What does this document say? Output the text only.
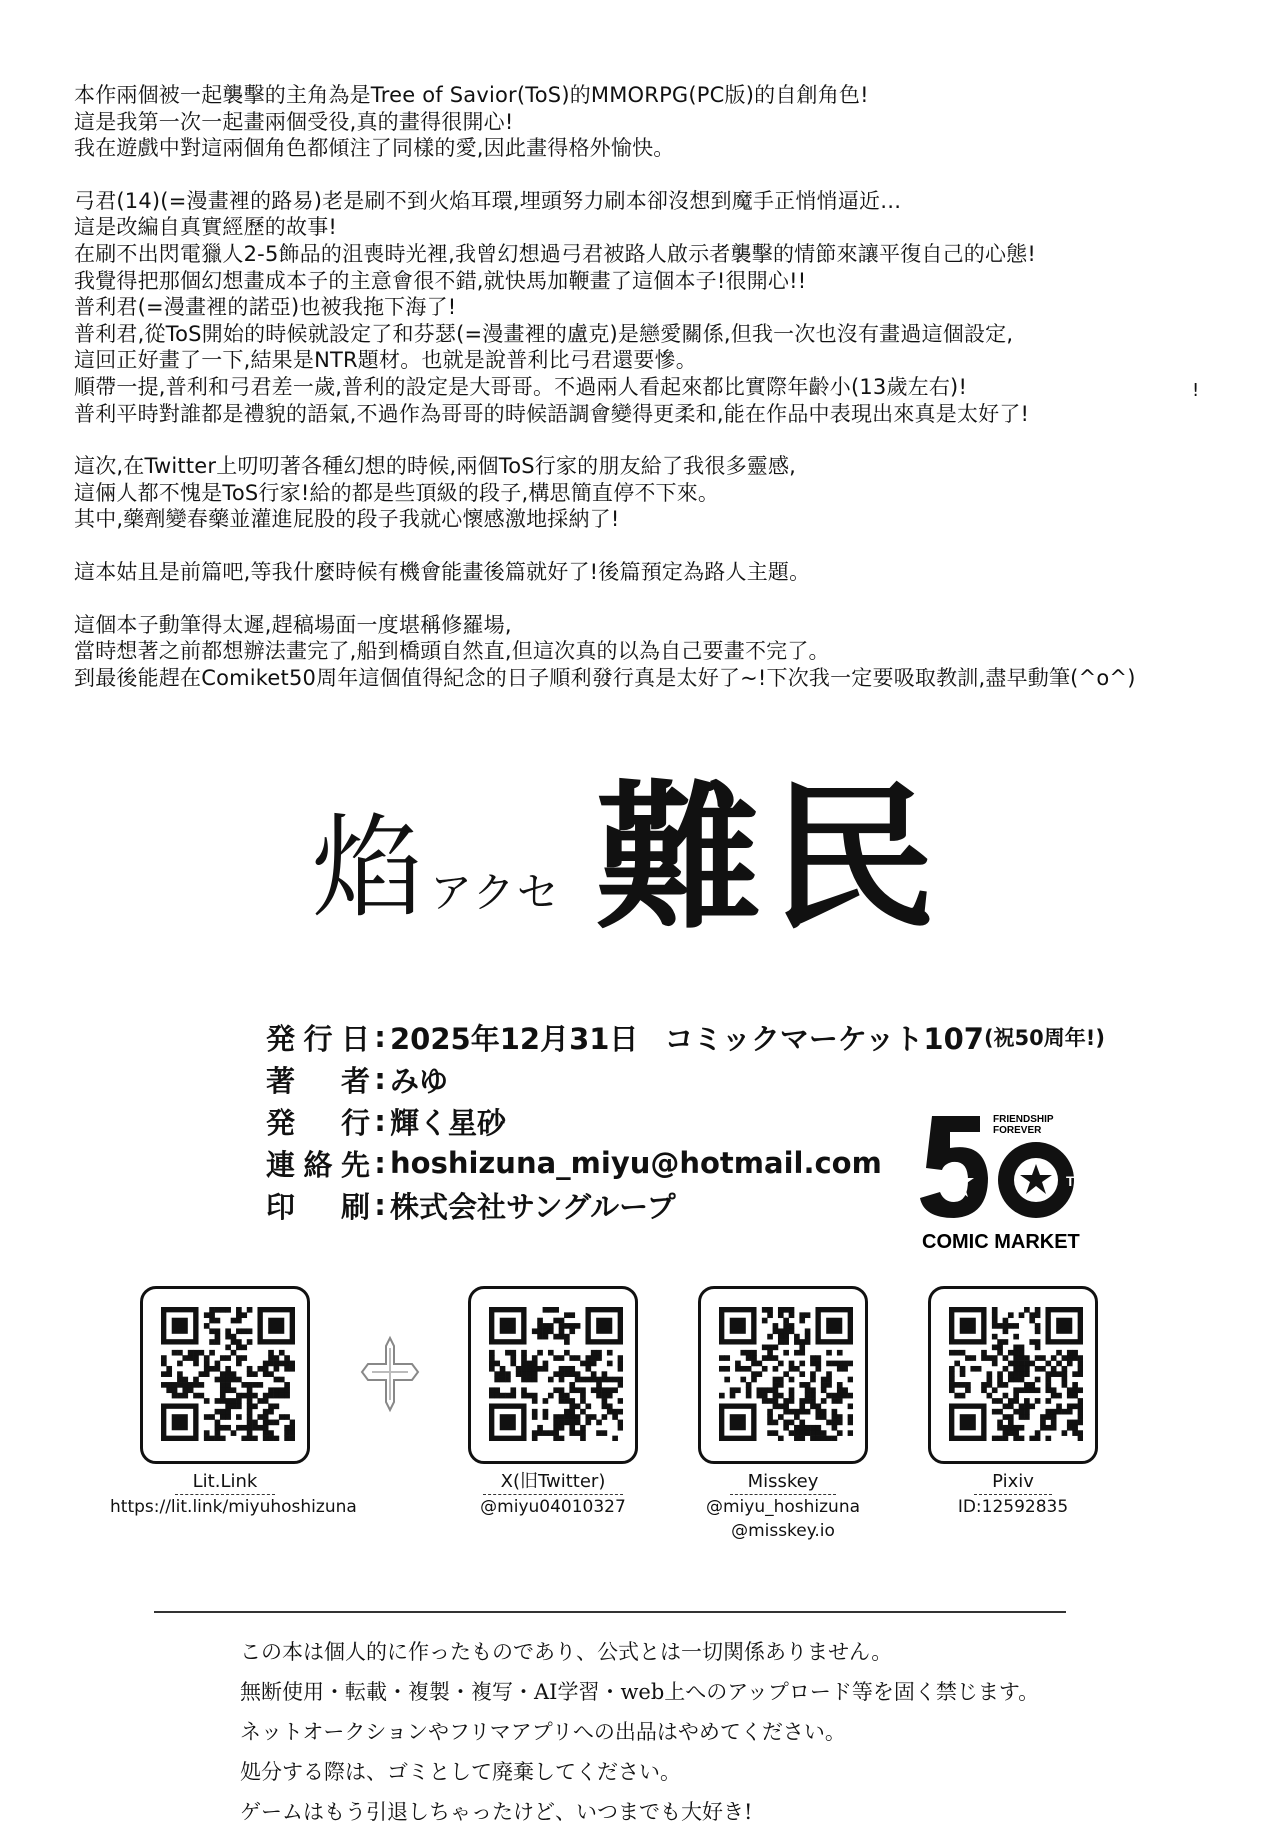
本作兩個被一起襲擊的主角為是Tree of Savior(ToS)的MMORPG(PC版)的自創角色!
這是我第一次一起畫兩個受役,真的畫得很開心!
我在遊戲中對這兩個角色都傾注了同樣的愛,因此畫得格外愉快。
弓君(14)(=漫畫裡的路易)老是刷不到火焰耳環,埋頭努力刷本卻沒想到魔手正悄悄逼近…
這是改編自真實經歷的故事!
在刷不出閃電獵人2-5飾品的沮喪時光裡,我曾幻想過弓君被路人啟示者襲擊的情節來讓平復自己的心態!
我覺得把那個幻想畫成本子的主意會很不錯,就快馬加鞭畫了這個本子!很開心!!
普利君(=漫畫裡的諾亞)也被我拖下海了!
普利君,從ToS開始的時候就設定了和芬瑟(=漫畫裡的盧克)是戀愛關係,但我一次也沒有畫過這個設定,
這回正好畫了一下,結果是NTR題材。也就是說普利比弓君還要慘。
順帶一提,普利和弓君差一歲,普利的設定是大哥哥。不過兩人看起來都比實際年齡小(13歲左右)!
普利平時對誰都是禮貌的語氣,不過作為哥哥的時候語調會變得更柔和,能在作品中表現出來真是太好了!
這次,在Twitter上叨叨著各種幻想的時候,兩個ToS行家的朋友給了我很多靈感,
這倆人都不愧是ToS行家!給的都是些頂級的段子,構思簡直停不下來。
其中,藥劑變春藥並灌進屁股的段子我就心懷感激地採納了!
這本姑且是前篇吧,等我什麼時候有機會能畫後篇就好了!後篇預定為路人主題。
這個本子動筆得太遲,趕稿場面一度堪稱修羅場,
當時想著之前都想辦法畫完了,船到橋頭自然直,但這次真的以為自己要畫不完了。
到最後能趕在Comiket50周年這個值得紀念的日子順利發行真是太好了~!下次我一定要吸取教訓,盡早動筆(^o^)
!
焰 アクセ 難民
発行日 : 2025年12月31日 コミックマーケット107 (祝50周年!)
著 者 : みゆ
発 行 : 輝く星砂
連絡先 : hoshizuna_miyu@hotmail.com
印 刷 : 株式会社サングループ
FRIENDSHIP
FOREVER
TH
COMIC MARKET
Lit.Link
https://lit.link/miyuhoshizuna
X(旧Twitter)
@miyu04010327
Misskey
@miyu_hoshizuna
@misskey.io
Pixiv
ID:12592835
この本は個人的に作ったものであり、公式とは一切関係ありません。
無断使用・転載・複製・複写・AI学習・web上へのアップロード等を固く禁じます。
ネットオークションやフリマアプリへの出品はやめてください。
処分する際は、ゴミとして廃棄してください。
ゲームはもう引退しちゃったけど、いつまでも大好き!
